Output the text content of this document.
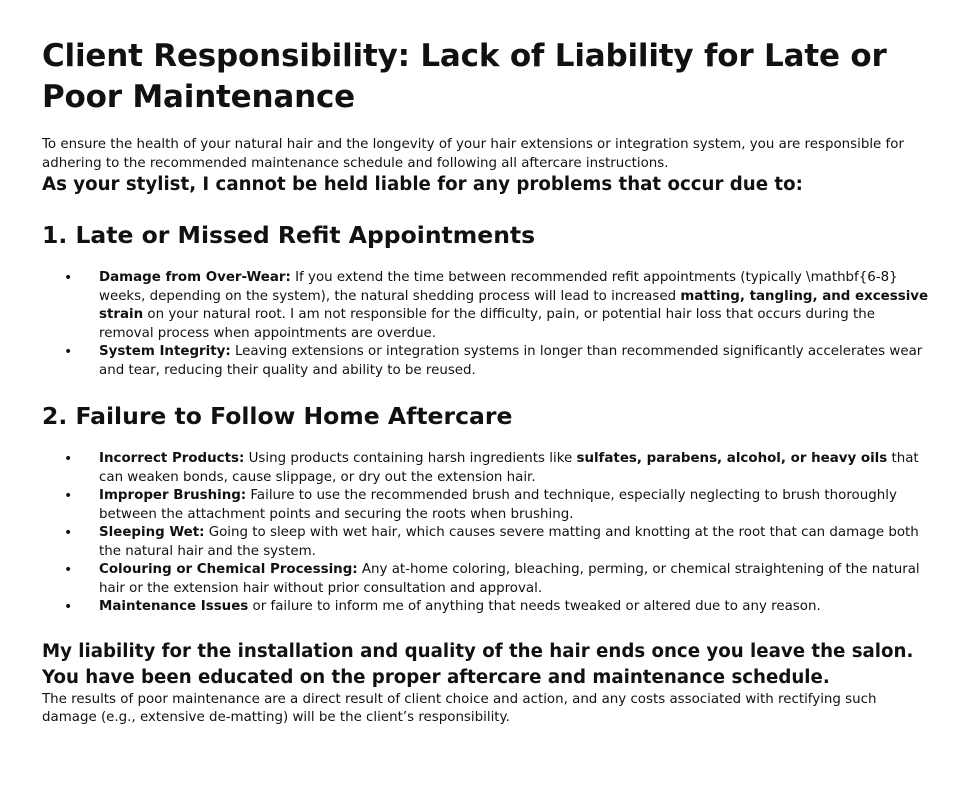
Client Responsibility: Lack of Liability for Late or Poor Maintenance

To ensure the health of your natural hair and the longevity of your hair extensions or integration system, you are responsible for adhering to the recommended maintenance schedule and following all aftercare instructions.

As your stylist, I cannot be held liable for any problems that occur due to:

1. Late or Missed Refit Appointments
• Damage from Over-Wear: If you extend the time between recommended refit appointments (typically \mathbf{6-8} weeks, depending on the system), the natural shedding process will lead to increased matting, tangling, and excessive strain on your natural root. I am not responsible for the difficulty, pain, or potential hair loss that occurs during the removal process when appointments are overdue.
• System Integrity: Leaving extensions or integration systems in longer than recommended significantly accelerates wear and tear, reducing their quality and ability to be reused.
2. Failure to Follow Home Aftercare
• Incorrect Products: Using products containing harsh ingredients like sulfates, parabens, alcohol, or heavy oils that can weaken bonds, cause slippage, or dry out the extension hair.
• Improper Brushing: Failure to use the recommended brush and technique, especially neglecting to brush thoroughly between the attachment points and securing the roots when brushing.
• Sleeping Wet: Going to sleep with wet hair, which causes severe matting and knotting at the root that can damage both the natural hair and the system.
• Colouring or Chemical Processing: Any at-home coloring, bleaching, perming, or chemical straightening of the natural hair or the extension hair without prior consultation and approval.
• Maintenance Issues or failure to inform me of anything that needs tweaked or altered due to any reason.

My liability for the installation and quality of the hair ends once you leave the salon. You have been educated on the proper aftercare and maintenance schedule.

The results of poor maintenance are a direct result of client choice and action, and any costs associated with rectifying such damage (e.g., extensive de-matting) will be the client’s responsibility.
